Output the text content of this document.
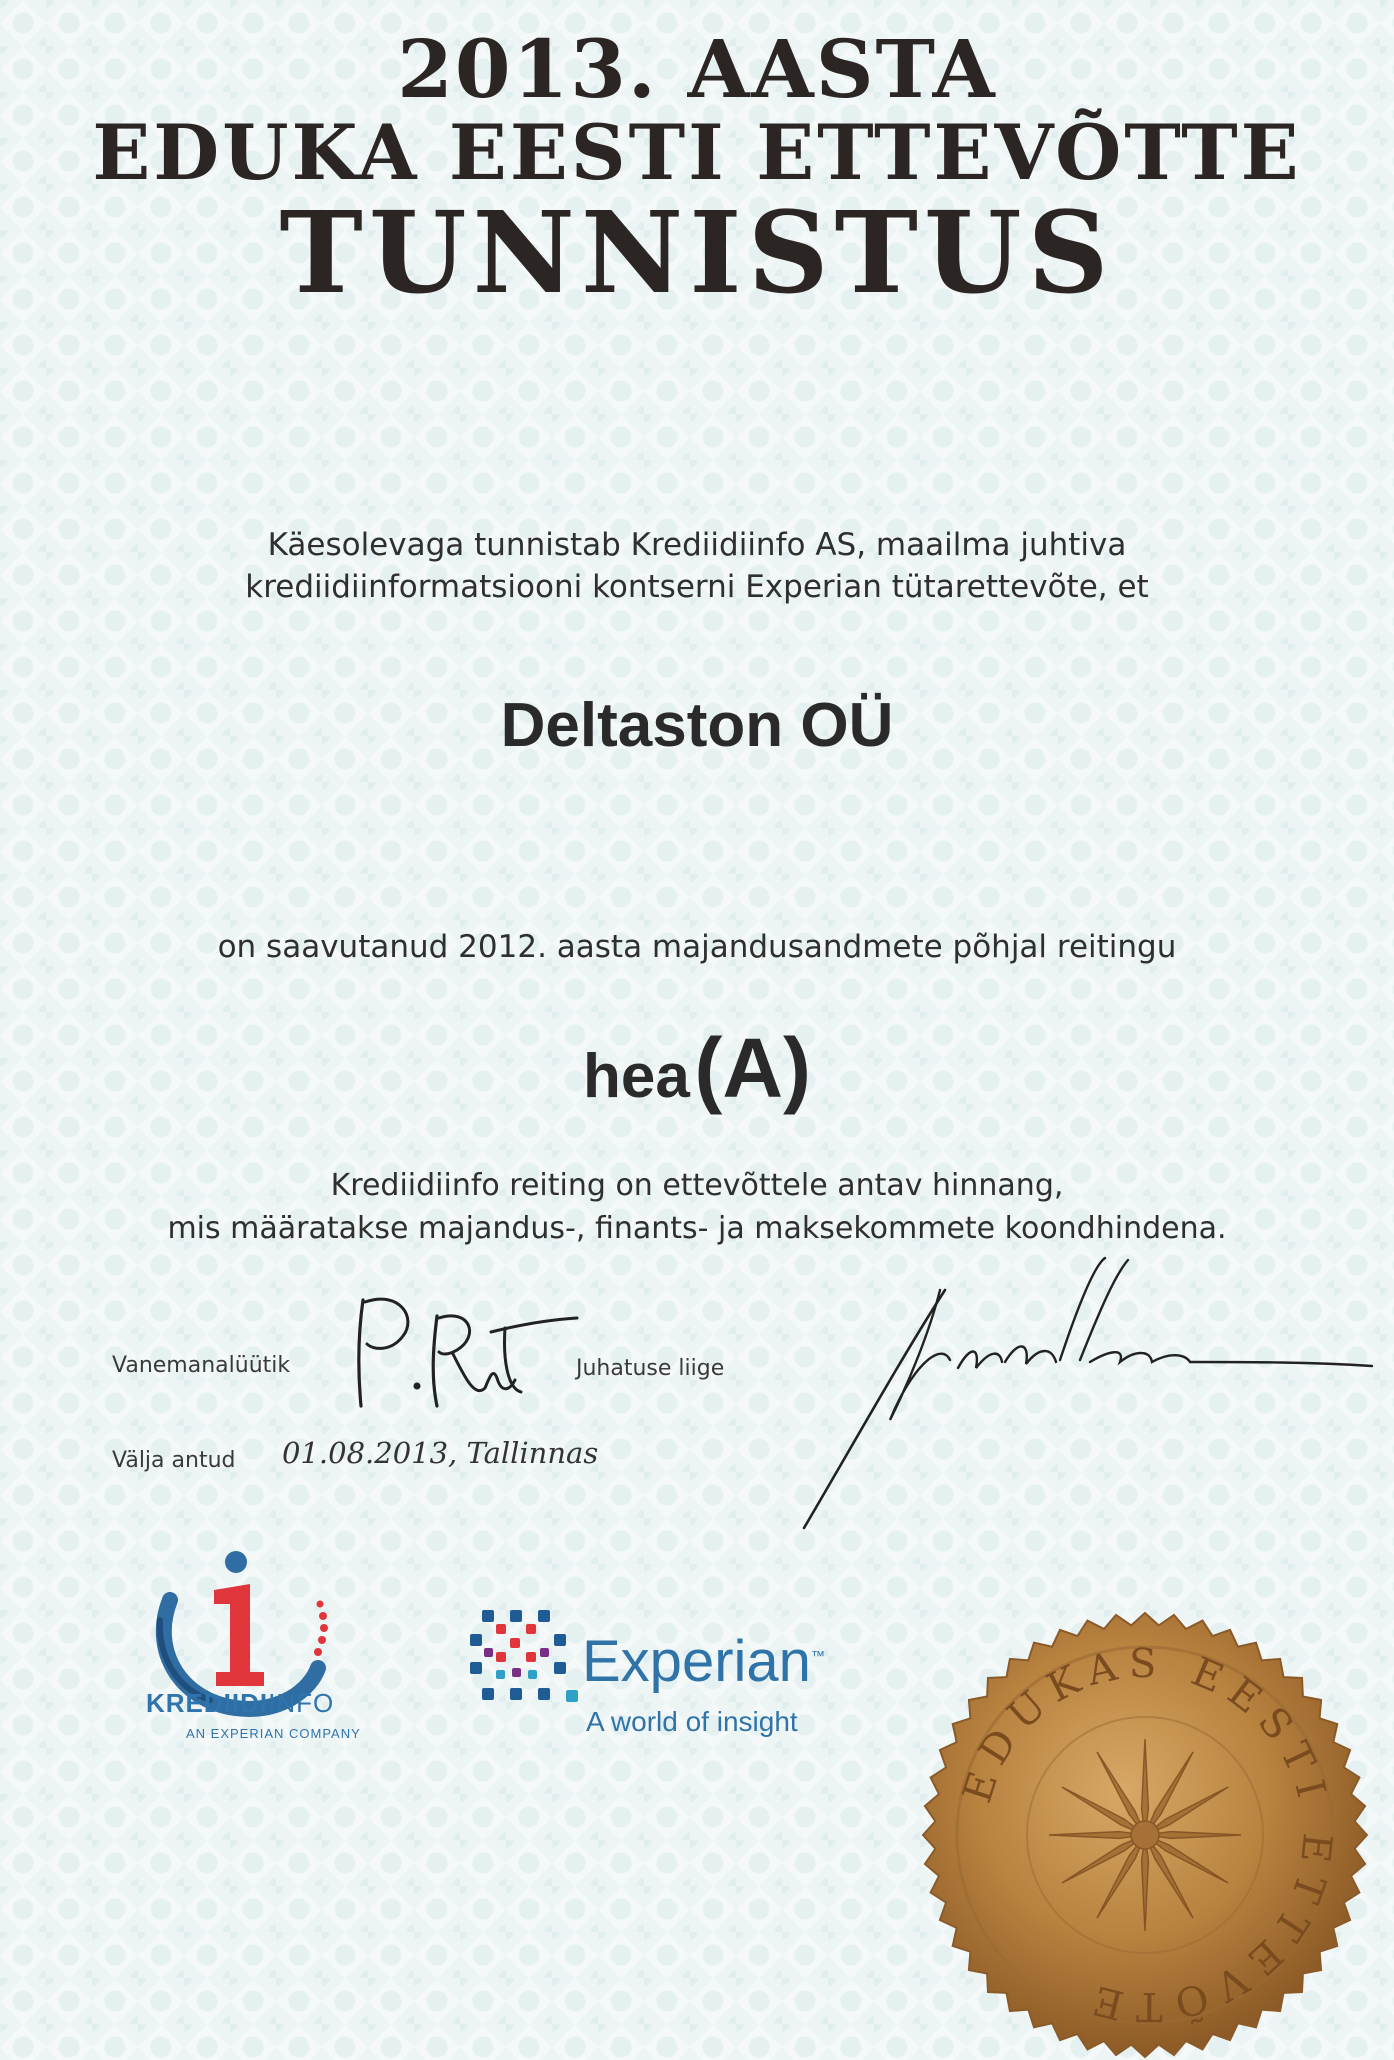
2013. AASTA
EDUKA EESTI ETTEVÕTTE
TUNNISTUS
Käesolevaga tunnistab Krediidiinfo AS, maailma juhtiva
krediidiinformatsiooni kontserni Experian tütarettevõte, et
Deltaston OÜ
on saavutanud 2012. aasta majandusandmete põhjal reitingu
hea (A)
Krediidiinfo reiting on ettevõttele antav hinnang,
mis määratakse majandus-, finants- ja maksekommete koondhindena.
Vanemanalüütik	Juhatuse liige
Välja antud 01.08.2013, Tallinnas
KREDIIDIINFO
AN EXPERIAN COMPANY
Experian™
A world of insight
EDUKAS EESTI ETTEVÕTE
